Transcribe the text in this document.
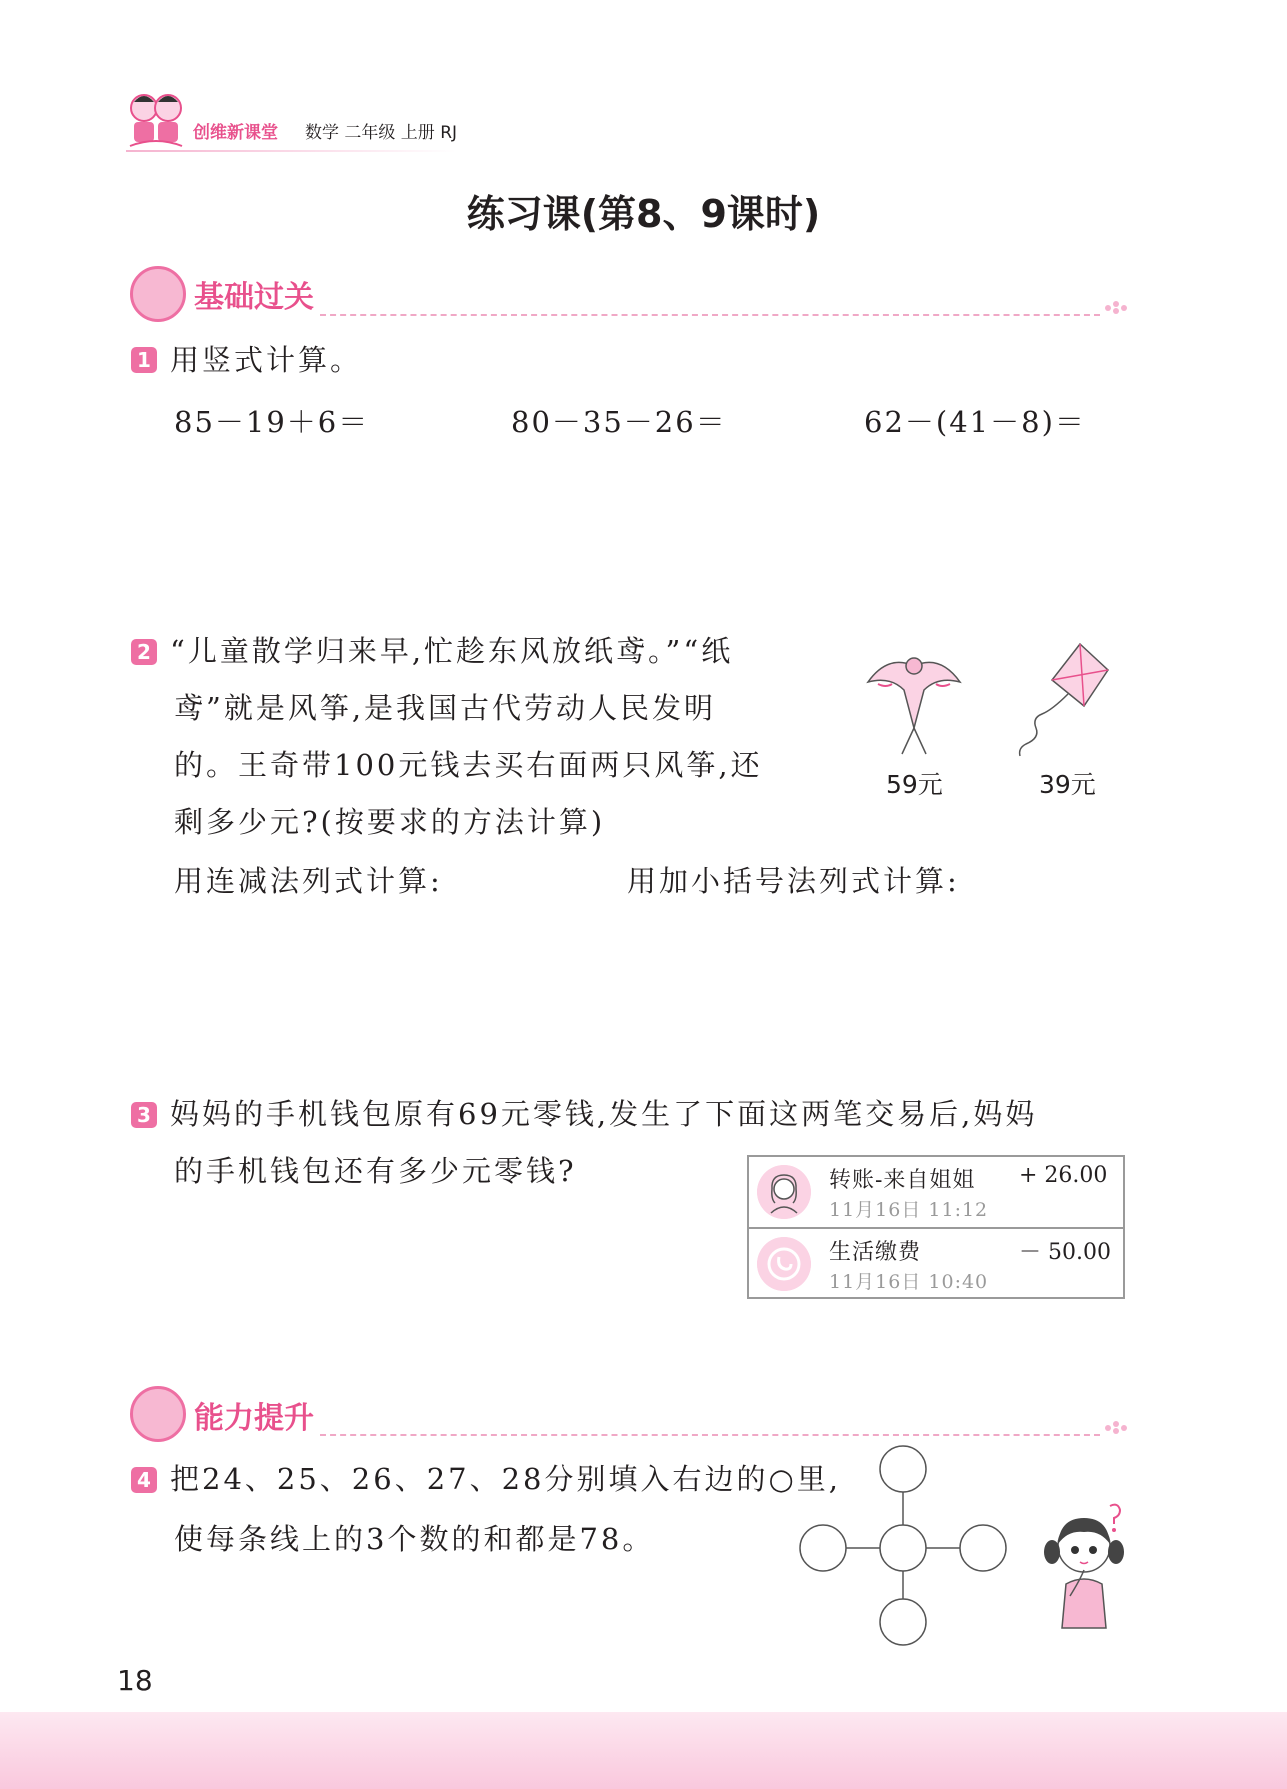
创维新课堂 数学 二年级 上册 RJ
练习课(第8、9课时)
基础过关
1 用竖式计算。
85－19＋6＝	80－35－26＝	62－(41－8)＝
2 “儿童散学归来早,忙趁东风放纸鸢。”“纸
鸢”就是风筝,是我国古代劳动人民发明
的。王奇带100元钱去买右面两只风筝,还
剩多少元?(按要求的方法计算)
用连减法列式计算:	用加小括号法列式计算:
59元	39元
3 妈妈的手机钱包原有69元零钱,发生了下面这两笔交易后,妈妈
的手机钱包还有多少元零钱?	转账-来自姐姐
11月16日 11:12
+ 26.00
生活缴费
11月16日 10:40
－ 50.00
能力提升
4 把24、25、26、27、28分别填入右边的○里,
使每条线上的3个数的和都是78。
18
